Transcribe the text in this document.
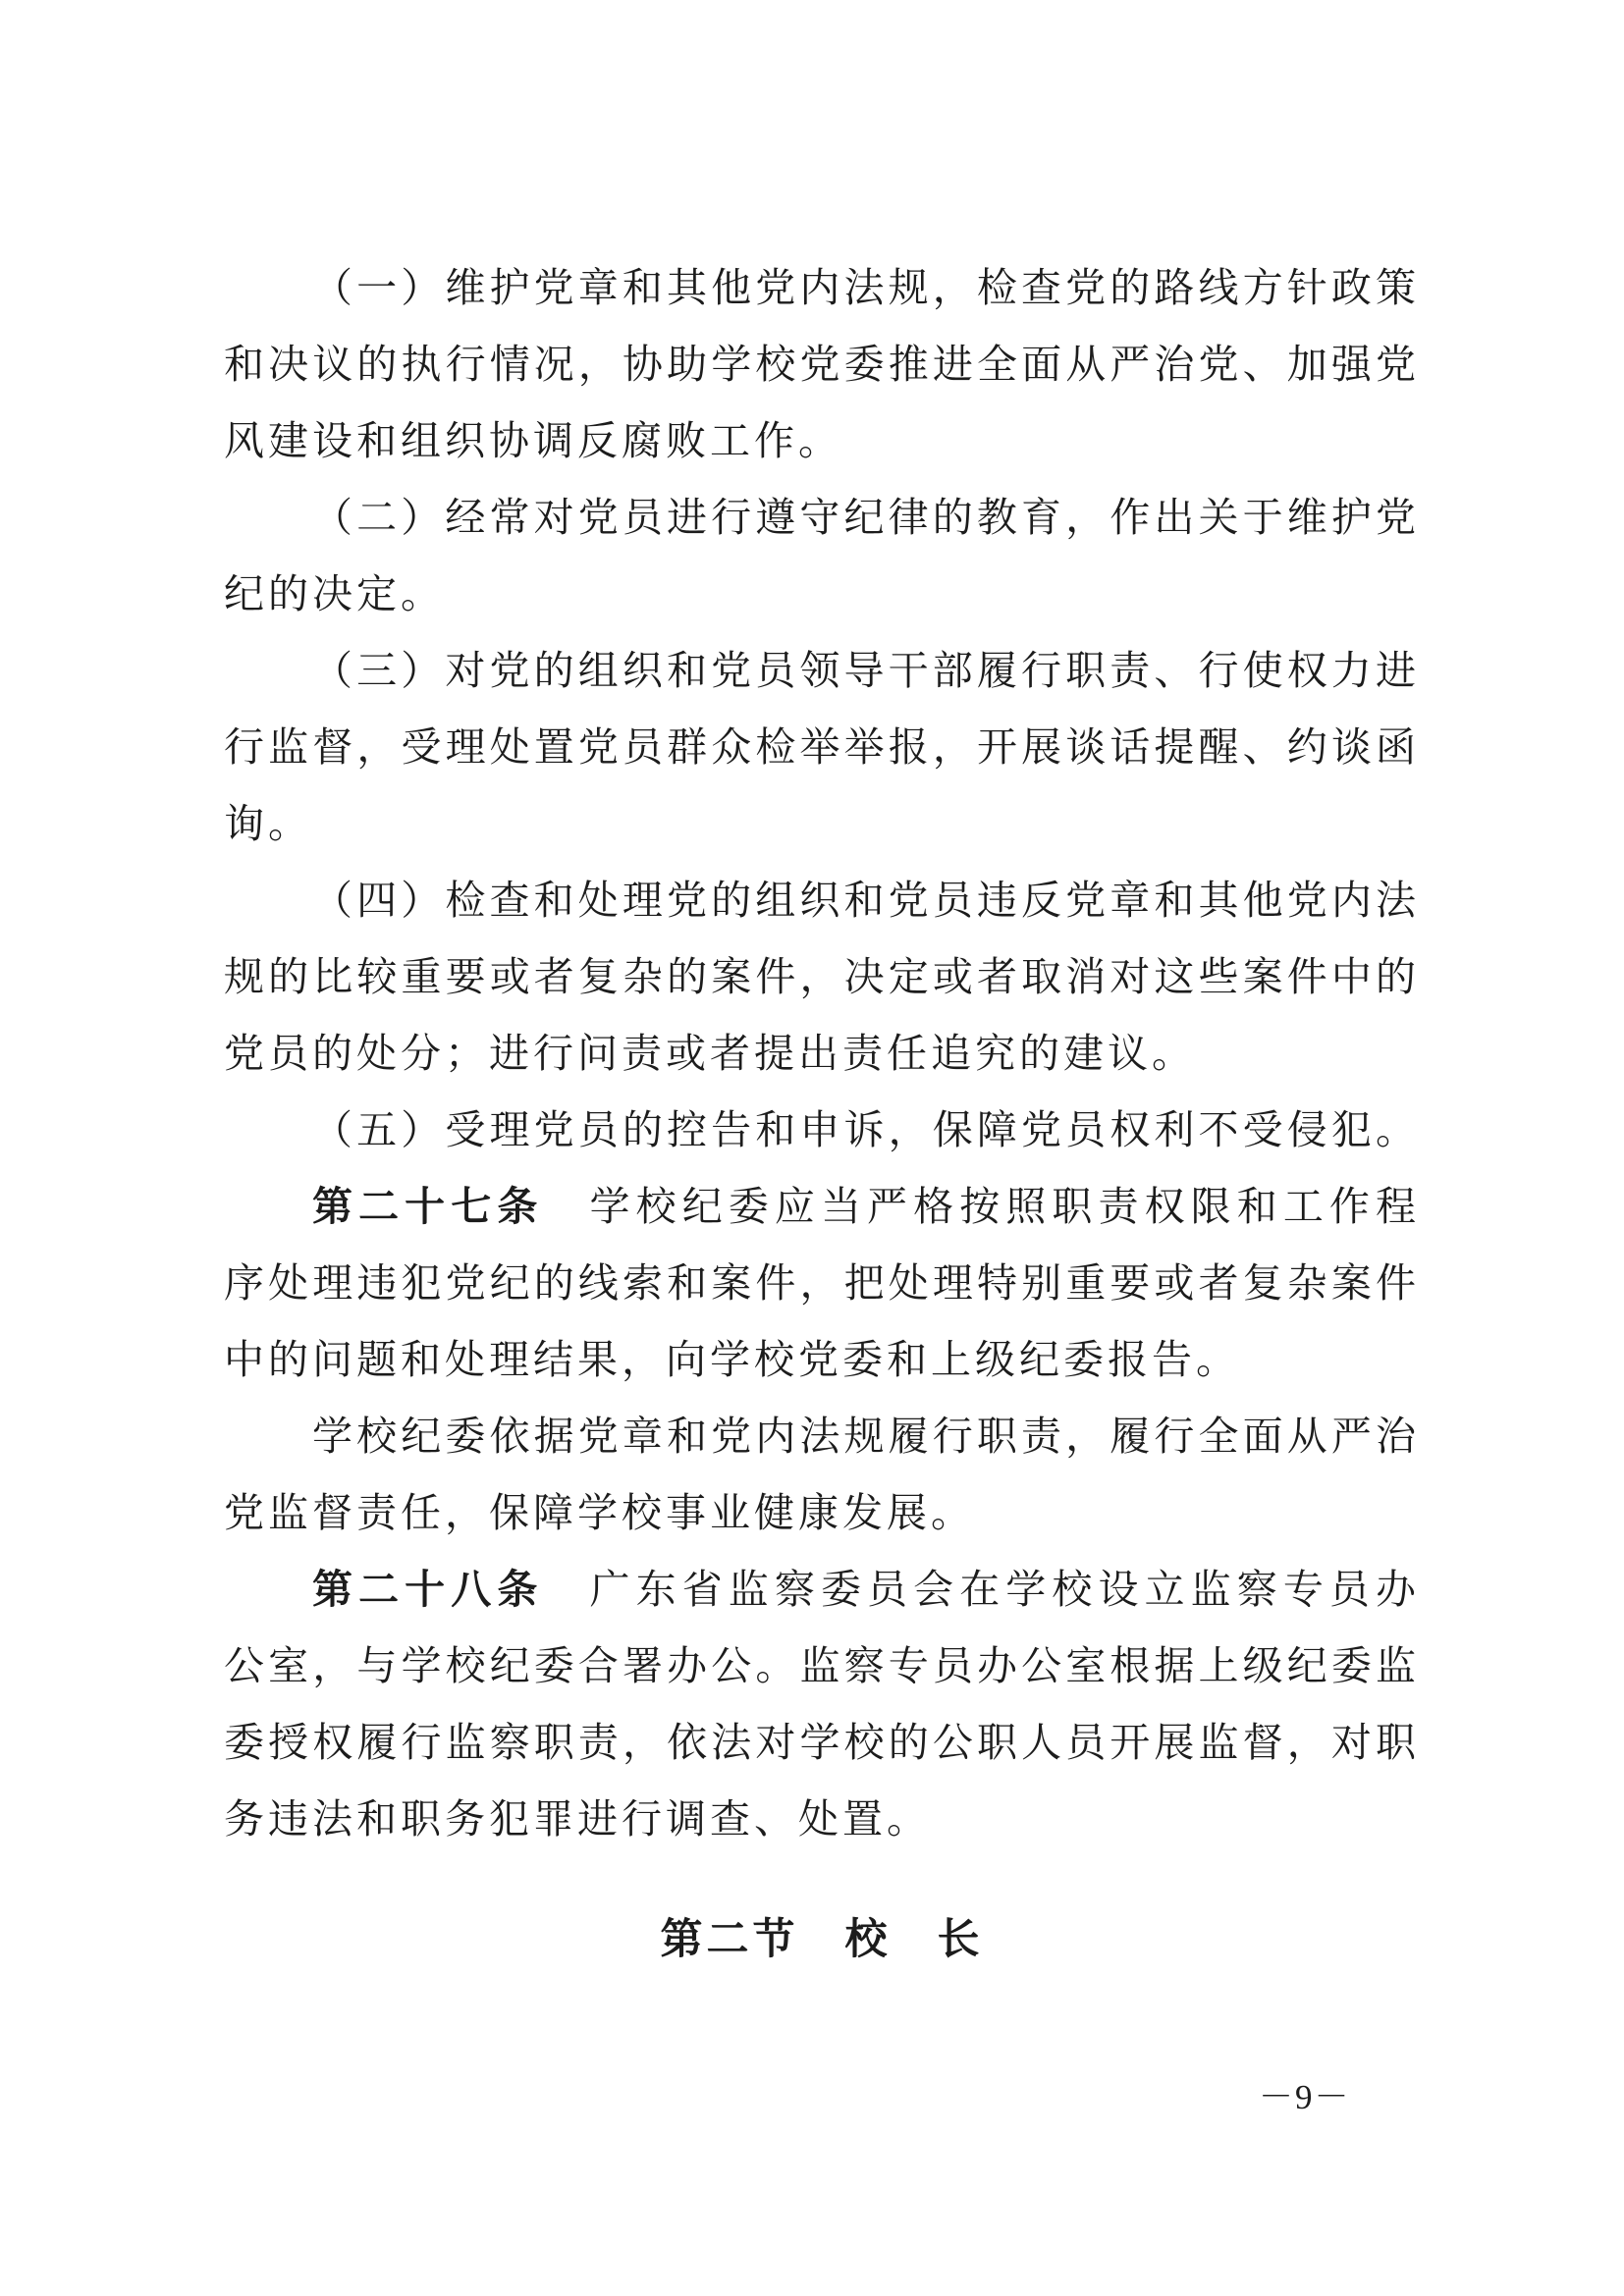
（一）维护党章和其他党内法规，检查党的路线方针政策
和决议的执行情况，协助学校党委推进全面从严治党、加强党
风建设和组织协调反腐败工作。
（二）经常对党员进行遵守纪律的教育，作出关于维护党
纪的决定。
（三）对党的组织和党员领导干部履行职责、行使权力进
行监督，受理处置党员群众检举举报，开展谈话提醒、约谈函
询。
（四）检查和处理党的组织和党员违反党章和其他党内法
规的比较重要或者复杂的案件，决定或者取消对这些案件中的
党员的处分；进行问责或者提出责任追究的建议。
（五）受理党员的控告和申诉，保障党员权利不受侵犯。
第二十七条　学校纪委应当严格按照职责权限和工作程
序处理违犯党纪的线索和案件，把处理特别重要或者复杂案件
中的问题和处理结果，向学校党委和上级纪委报告。
学校纪委依据党章和党内法规履行职责，履行全面从严治
党监督责任，保障学校事业健康发展。
第二十八条　广东省监察委员会在学校设立监察专员办
公室，与学校纪委合署办公。监察专员办公室根据上级纪委监
委授权履行监察职责，依法对学校的公职人员开展监督，对职
务违法和职务犯罪进行调查、处置。
第二节　校　长
－9－
